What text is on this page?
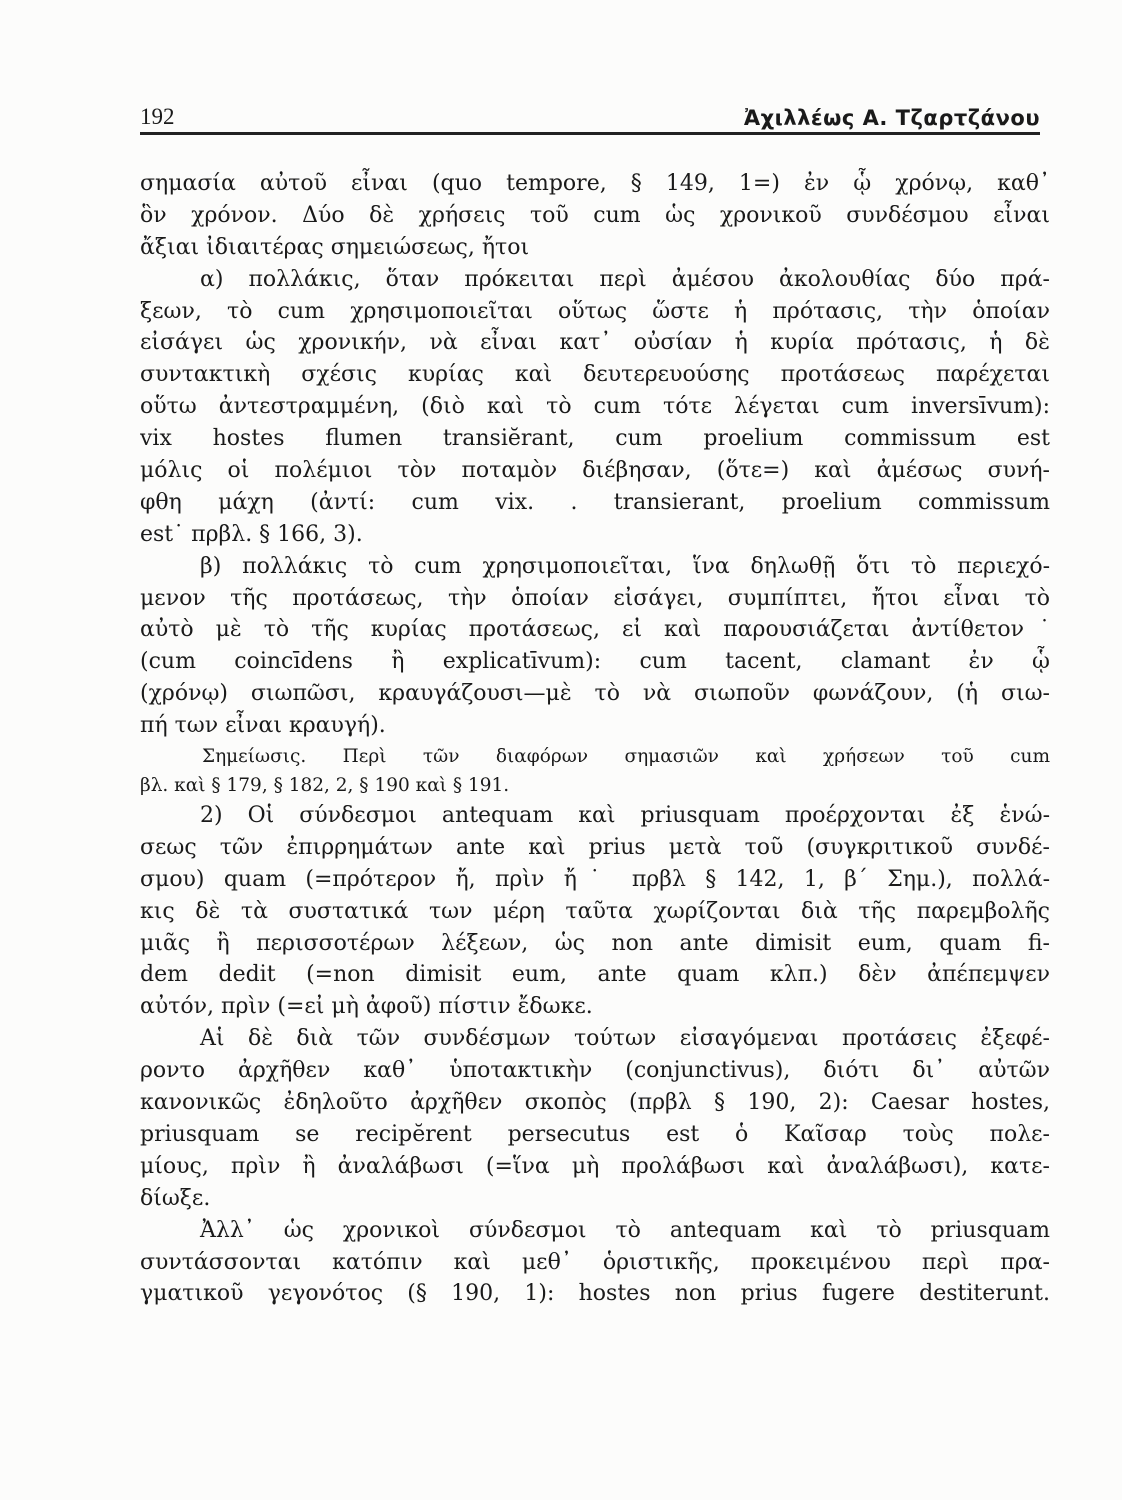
192	Ἀχιλλέως Α. Τζαρτζάνου
σημασία αὐτοῦ εἶναι (quo tempore, § 149, 1=) ἐν ᾧ χρόνῳ, καθ᾽
ὃν χρόνον. Δύο δὲ χρήσεις τοῦ cum ὡς χρονικοῦ συνδέσμου εἶναι
ἄξιαι ἰδιαιτέρας σημειώσεως, ἤτοι
α) πολλάκις, ὅταν πρόκειται περὶ ἀμέσου ἀκολουθίας δύο πρά-
ξεων, τὸ cum χρησιμοποιεῖται οὕτως ὥστε ἡ πρότασις, τὴν ὁποίαν
εἰσάγει ὡς χρονικήν, νὰ εἶναι κατ᾽ οὐσίαν ἡ κυρία πρότασις, ἡ δὲ
συντακτικὴ σχέσις κυρίας καὶ δευτερευούσης προτάσεως παρέχεται
οὕτω ἀντεστραμμένη, (διὸ καὶ τὸ cum τότε λέγεται cum inversīvum):
vix hostes flumen transiĕrant, cum proelium commissum est
μόλις οἱ πολέμιοι τὸν ποταμὸν διέβησαν, (ὅτε=) καὶ ἀμέσως συνή-
φθη μάχη (ἀντί: cum vix. . transierant, proelium commissum
est˙ πρβλ. § 166, 3).
β) πολλάκις τὸ cum χρησιμοποιεῖται, ἵνα δηλωθῇ ὅτι τὸ περιεχό-
μενον τῆς προτάσεως, τὴν ὁποίαν εἰσάγει, συμπίπτει, ἤτοι εἶναι τὸ
αὐτὸ μὲ τὸ τῆς κυρίας προτάσεως, εἰ καὶ παρουσιάζεται ἀντίθετον˙
(cum coincīdens ἢ explicatīvum): cum tacent, clamant ἐν ᾧ
(χρόνῳ) σιωπῶσι, κραυγάζουσι—μὲ τὸ νὰ σιωποῦν φωνάζουν, (ἡ σιω-
πή των εἶναι κραυγή).
Σημείωσις. Περὶ τῶν διαφόρων σημασιῶν καὶ χρήσεων τοῦ cum
βλ. καὶ § 179, § 182, 2, § 190 καὶ § 191.
2) Οἱ σύνδεσμοι antequam καὶ priusquam προέρχονται ἐξ ἑνώ-
σεως τῶν ἐπιρρημάτων ante καὶ prius μετὰ τοῦ (συγκριτικοῦ συνδέ-
σμου) quam (=πρότερον ἤ, πρὶν ἤ˙ πρβλ § 142, 1, β´ Σημ.), πολλά-
κις δὲ τὰ συστατικά των μέρη ταῦτα χωρίζονται διὰ τῆς παρεμβολῆς
μιᾶς ἢ περισσοτέρων λέξεων, ὡς non ante dimisit eum, quam fi-
dem dedit (=non dimisit eum, ante quam κλπ.) δὲν ἀπέπεμψεν
αὐτόν, πρὶν (=εἰ μὴ ἀφοῦ) πίστιν ἔδωκε.
Αἱ δὲ διὰ τῶν συνδέσμων τούτων εἰσαγόμεναι προτάσεις ἐξεφέ-
ροντο ἀρχῆθεν καθ᾽ ὑποτακτικὴν (conjunctivus), διότι δι᾽ αὐτῶν
κανονικῶς ἐδηλοῦτο ἀρχῆθεν σκοπὸς (πρβλ § 190, 2): Caesar hostes,
priusquam se recipĕrent persecutus est ὁ Καῖσαρ τοὺς πολε-
μίους, πρὶν ἢ ἀναλάβωσι (=ἵνα μὴ προλάβωσι καὶ ἀναλάβωσι), κατε-
δίωξε.
Ἀλλ᾽ ὡς χρονικοὶ σύνδεσμοι τὸ antequam καὶ τὸ priusquam
συντάσσονται κατόπιν καὶ μεθ᾽ ὁριστικῆς, προκειμένου περὶ πρα-
γματικοῦ γεγονότος (§ 190, 1): hostes non prius fugere destiterunt.
